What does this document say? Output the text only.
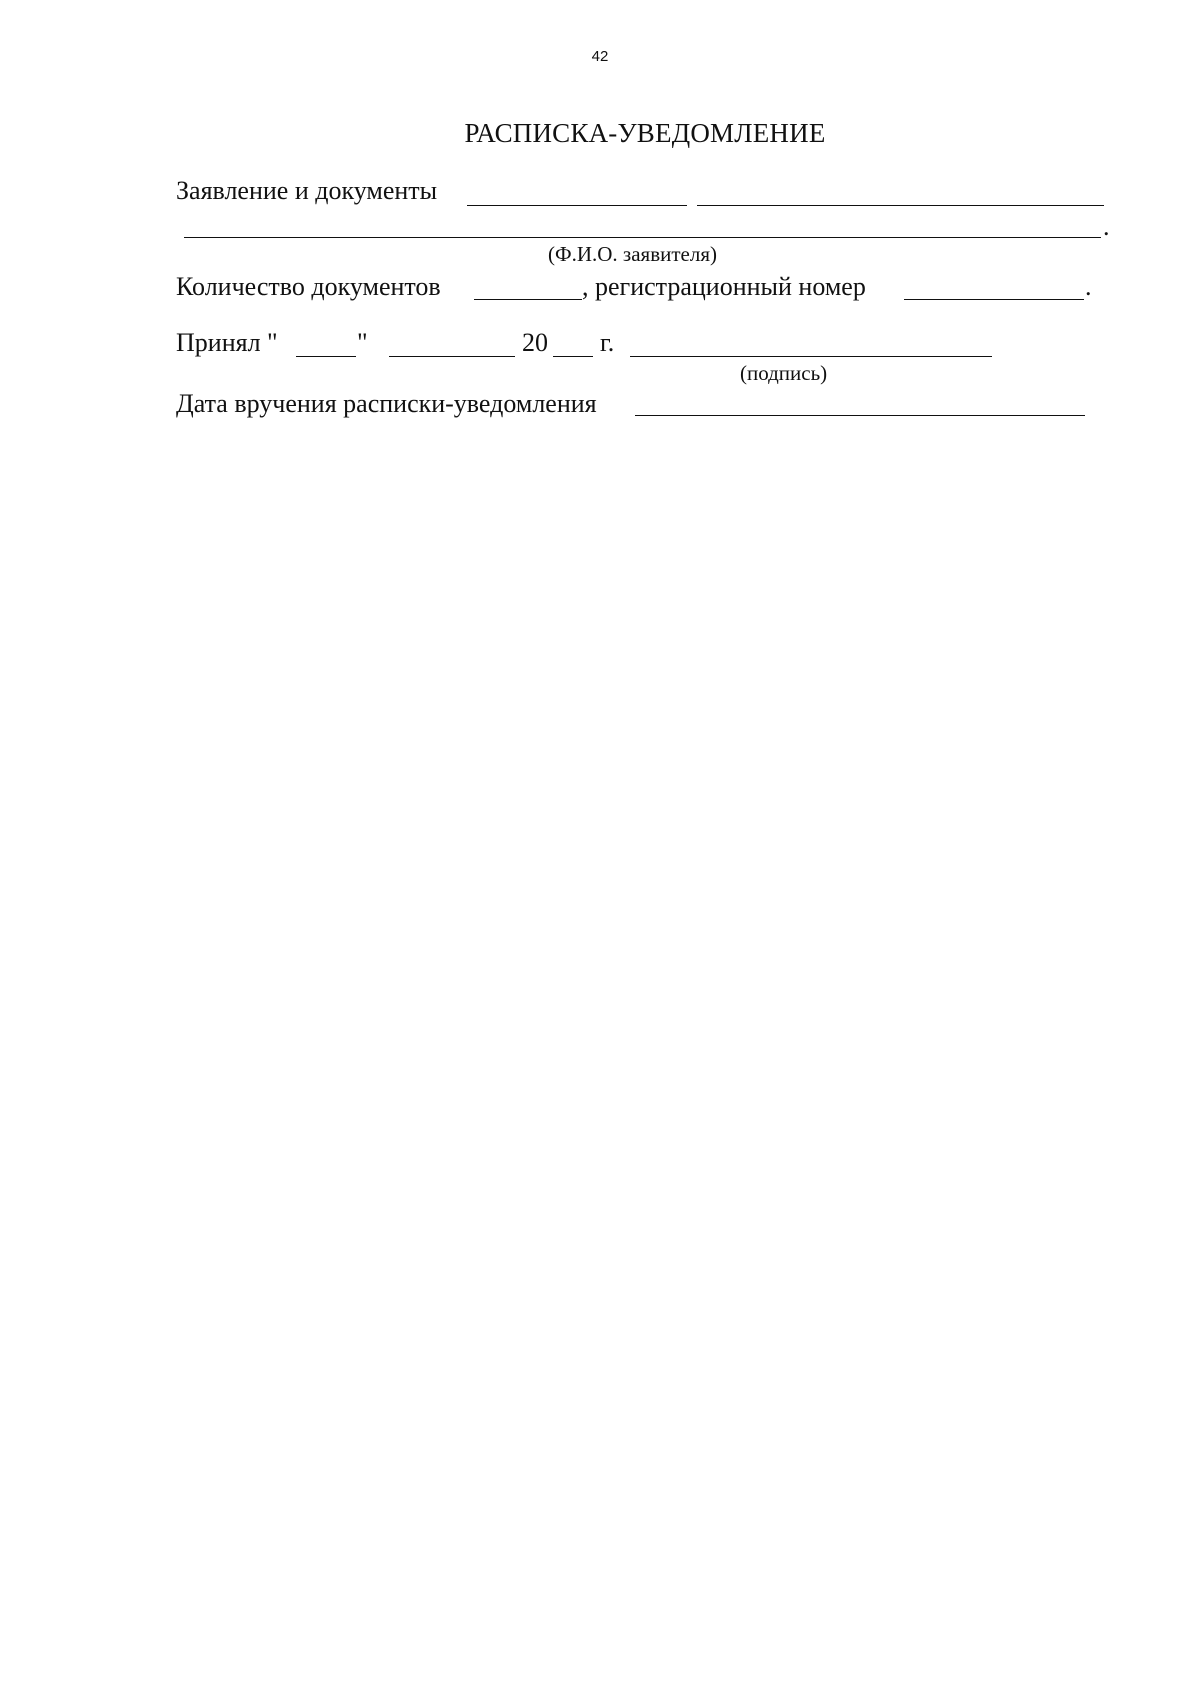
42
РАСПИСКА-УВЕДОМЛЕНИЕ
Заявление и документы
.
(Ф.И.О. заявителя)
Количество документов	, регистрационный номер	.
Принял "	"	20 г.
(подпись)
Дата вручения расписки-уведомления
